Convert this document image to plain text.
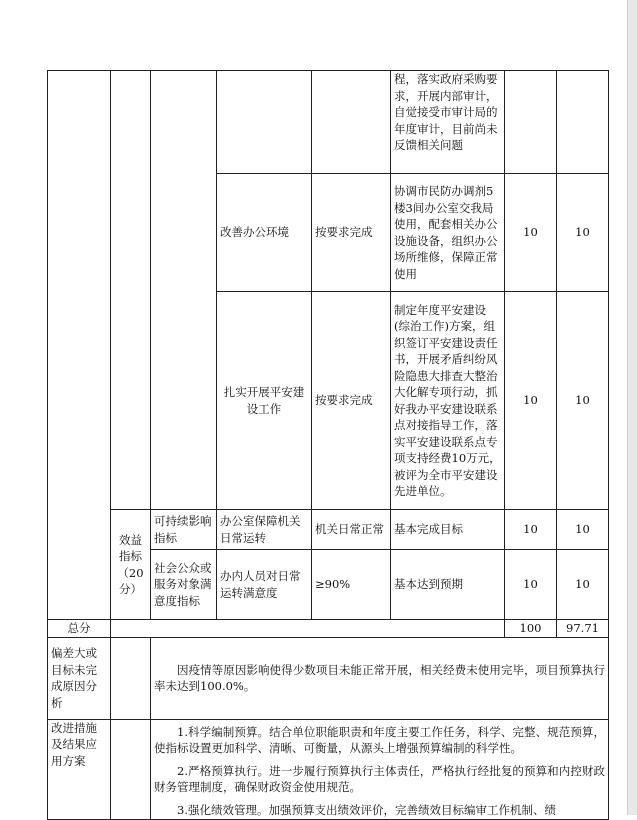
					程，落实政府采购要求，开展内部审计，自觉接受市审计局的年度审计，目前尚未反馈相关问题		
			改善办公环境	按要求完成	协调市民防办调剂5楼3间办公室交我局使用，配套相关办公设施设备，组织办公场所维修，保障正常使用	10	10
			扎实开展平安建设工作	按要求完成	制定年度平安建设(综治工作)方案，组织签订平安建设责任书，开展矛盾纠纷风险隐患大排查大整治大化解专项行动，抓好我办平安建设联系点对接指导工作，落实平安建设联系点专项支持经费10万元，被评为全市平安建设先进单位。	10	10
	效益指标（20分）	可持续影响指标	办公室保障机关日常运转	机关日常正常	基本完成目标	10	10
		社会公众或服务对象满意度指标	办内人员对日常运转满意度	≥90%	基本达到预期	10	10
总分						100	97.71
偏差大或目标未完成原因分析		因疫情等原因影响使得少数项目未能正常开展，相关经费未使用完毕，项目预算执行率未达到100.0%。					

改进措施及结果应用方案		1.科学编制预算。结合单位职能职责和年度主要工作任务，科学、完整、规范预算，使指标设置更加科学、清晰、可衡量，从源头上增强预算编制的科学性。

2.严格预算执行。进一步履行预算执行主体责任，严格执行经批复的预算和内控财政财务管理制度，确保财政资金使用规范。

3.强化绩效管理。加强预算支出绩效评价，完善绩效目标编审工作机制、绩					
